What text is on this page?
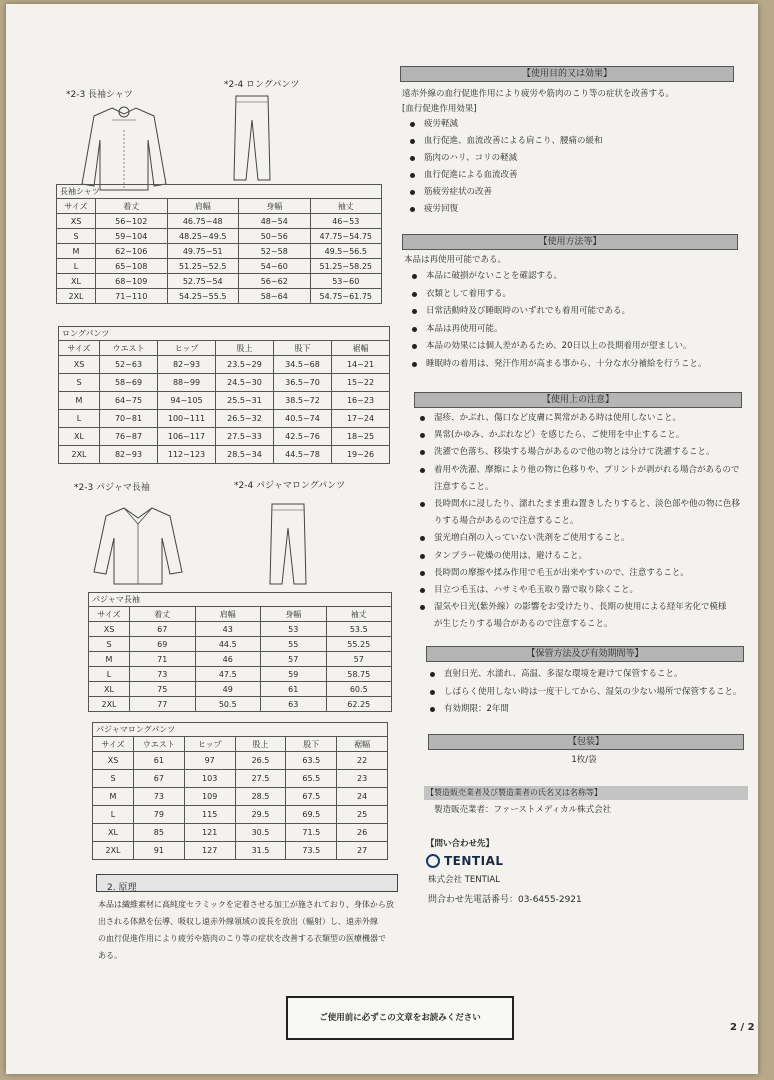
*2-3 長袖シャツ
*2-4 ロングパンツ
長袖シャツ
サイズ	着丈	肩幅	身幅	袖丈
XS	56~102	46.75~48	48~54	46~53
S	59~104	48.25~49.5	50~56	47.75~54.75
M	62~106	49.75~51	52~58	49.5~56.5
L	65~108	51.25~52.5	54~60	51.25~58.25
XL	68~109	52.75~54	56~62	53~60
2XL	71~110	54.25~55.5	58~64	54.75~61.75
ロングパンツ
サイズ	ウエスト	ヒップ	股上	股下	裾幅
XS	52~63	82~93	23.5~29	34.5~68	14~21
S	58~69	88~99	24.5~30	36.5~70	15~22
M	64~75	94~105	25.5~31	38.5~72	16~23
L	70~81	100~111	26.5~32	40.5~74	17~24
XL	76~87	106~117	27.5~33	42.5~76	18~25
2XL	82~93	112~123	28.5~34	44.5~78	19~26
*2-3 パジャマ長袖	*2-4 パジャマロングパンツ
パジャマ長袖
サイズ	着丈	肩幅	身幅	袖丈
XS	67	43	53	53.5
S	69	44.5	55	55.25
M	71	46	57	57
L	73	47.5	59	58.75
XL	75	49	61	60.5
2XL	77	50.5	63	62.25
パジャマロングパンツ
サイズ	ウエスト	ヒップ	股上	股下	裾幅
XS	61	97	26.5	63.5	22
S	67	103	27.5	65.5	23
M	73	109	28.5	67.5	24
L	79	115	29.5	69.5	25
XL	85	121	30.5	71.5	26
2XL	91	127	31.5	73.5	27
2. 原理
本品は繊維素材に高純度セラミックを定着させる加工が施されており、身体から放
出される体熱を伝導、吸収し遠赤外線領域の波長を放出（輻射）し、遠赤外線
の血行促進作用により疲労や筋肉のこり等の症状を改善する衣類型の医療機器で
ある。
【使用目的又は効果】
遠赤外線の血行促進作用により疲労や筋肉のこり等の症状を改善する。
[血行促進作用効果]
疲労軽減
血行促進、血流改善による肩こり、腰痛の緩和
筋肉のハリ、コリの軽減
血行促進による血流改善
筋疲労症状の改善
疲労回復
【使用方法等】
本品は再使用可能である。
本品に破損がないことを確認する。
衣類として着用する。
日常活動時及び睡眠時のいずれでも着用可能である。
本品は再使用可能。
本品の効果には個人差があるため、20日以上の長期着用が望ましい。
睡眠時の着用は、発汗作用が高まる事から、十分な水分補給を行うこと。
【使用上の注意】
湿疹、かぶれ、傷口など皮膚に異常がある時は使用しないこと。
異常(かゆみ、かぶれなど）を感じたら、ご使用を中止すること。
洗濯で色落ち、移染する場合があるので他の物とは分けて洗濯すること。
着用や洗濯、摩擦により他の物に色移りや、プリントが剥がれる場合があるので
注意すること。
長時間水に浸したり、濡れたまま重ね置きしたりすると、淡色部や他の物に色移
りする場合があるので注意すること。
蛍光増白剤の入っていない洗剤をご使用すること。
タンブラー乾燥の使用は、避けること。
長時間の摩擦や揉み作用で毛玉が出来やすいので、注意すること。
目立つ毛玉は、ハサミや毛玉取り器で取り除くこと。
湿気や日光(紫外線）の影響をお受けたり、長期の使用による経年劣化で模様
が生じたりする場合があるので注意すること。
【保管方法及び有効期間等】
直射日光、水濡れ、高温、多湿な環境を避けて保管すること。
しばらく使用しない時は一度干してから、湿気の少ない場所で保管すること。
有効期限：2年間
【包装】
1枚/袋
【製造販売業者及び製造業者の氏名又は名称等】
製造販売業者：ファーストメディカル株式会社
【問い合わせ先】
TENTIAL
株式会社 TENTIAL
問合わせ先電話番号：03-6455-2921
ご使用前に必ずこの文章をお読みください
2 / 2
